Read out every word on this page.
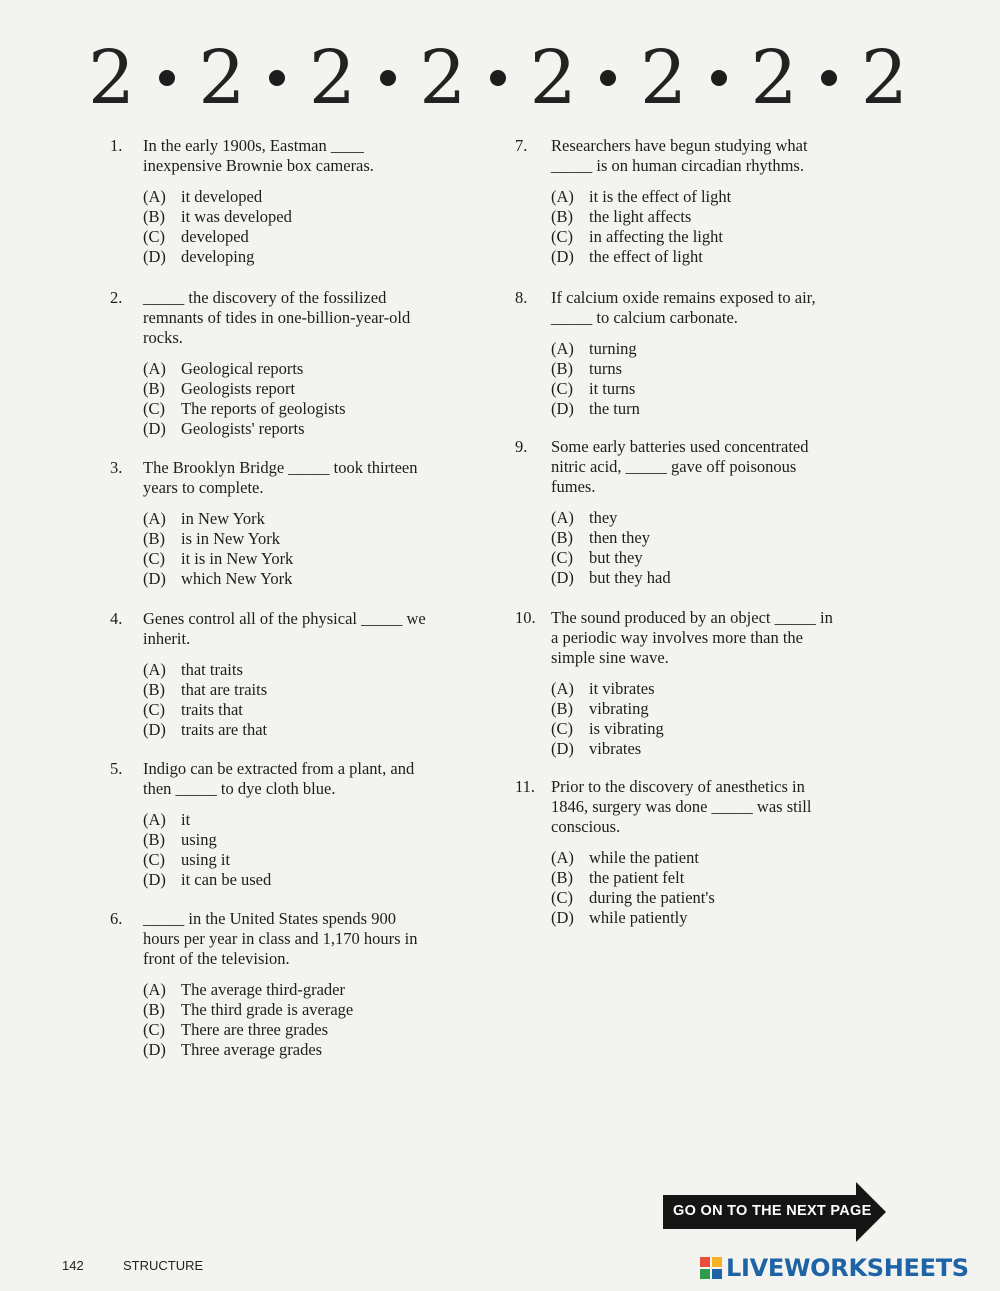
2 2 2 2 2 2 2 2
1.	In the early 1900s, Eastman ____
inexpensive Brownie box cameras.
(A) it developed
(B) it was developed
(C) developed
(D) developing
2.	_____ the discovery of the fossilized
remnants of tides in one-billion-year-old
rocks.
(A) Geological reports
(B) Geologists report
(C) The reports of geologists
(D) Geologists' reports
3.	The Brooklyn Bridge _____ took thirteen
years to complete.
(A) in New York
(B) is in New York
(C) it is in New York
(D) which New York
4.	Genes control all of the physical _____ we
inherit.
(A) that traits
(B) that are traits
(C) traits that
(D) traits are that
5.	Indigo can be extracted from a plant, and
then _____ to dye cloth blue.
(A) it
(B) using
(C) using it
(D) it can be used
6.	_____ in the United States spends 900
hours per year in class and 1,170 hours in
front of the television.
(A) The average third-grader
(B) The third grade is average
(C) There are three grades
(D) Three average grades
7.	Researchers have begun studying what
_____ is on human circadian rhythms.
(A) it is the effect of light
(B) the light affects
(C) in affecting the light
(D) the effect of light
8.	If calcium oxide remains exposed to air,
_____ to calcium carbonate.
(A) turning
(B) turns
(C) it turns
(D) the turn
9.	Some early batteries used concentrated
nitric acid, _____ gave off poisonous
fumes.
(A) they
(B) then they
(C) but they
(D) but they had
10. The sound produced by an object _____ in
a periodic way involves more than the
simple sine wave.
(A) it vibrates
(B) vibrating
(C) is vibrating
(D) vibrates
11. Prior to the discovery of anesthetics in
1846, surgery was done _____ was still
conscious.
(A) while the patient
(B) the patient felt
(C) during the patient's
(D) while patiently
GO ON TO THE NEXT PAGE
142	STRUCTURE	LIVEWORKSHEETS
